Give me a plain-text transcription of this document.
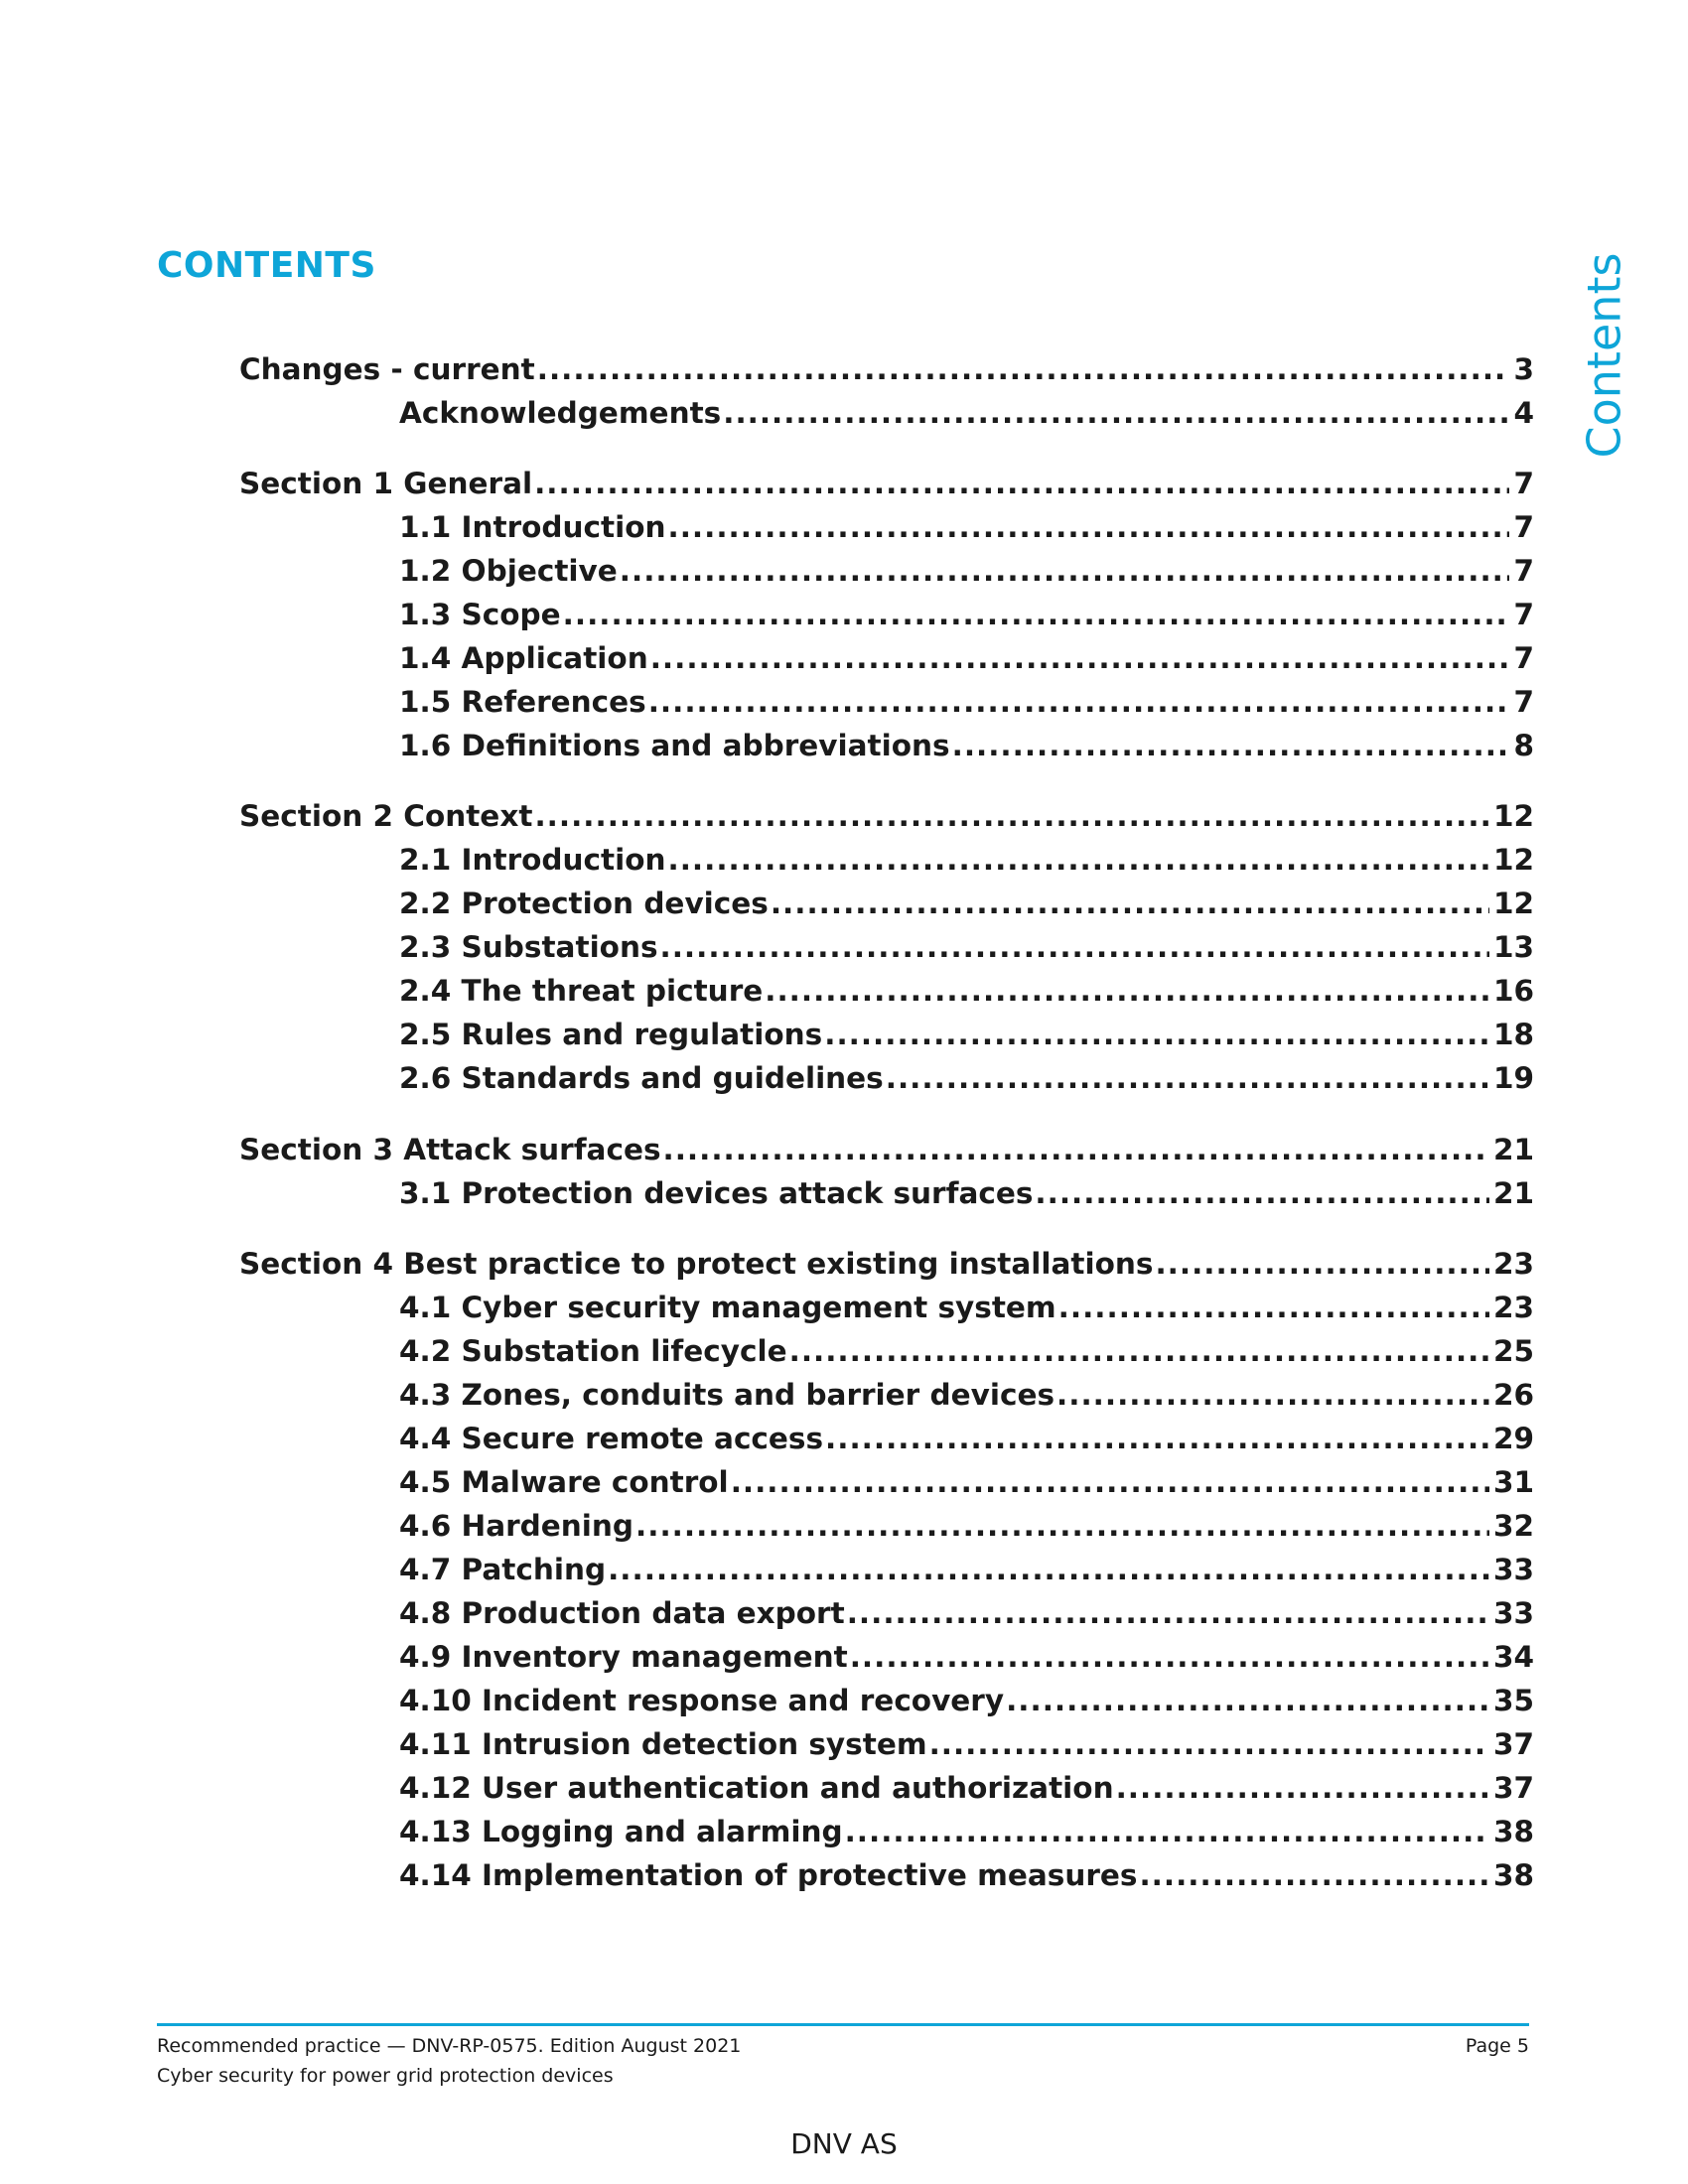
CONTENTS	Contents
Changes - current .....	3
Acknowledgements .....	4
Section 1 General .....	7
1.1 Introduction .....	7
1.2 Objective .....	7
1.3 Scope .....	7
1.4 Application .....	7
1.5 References .....	7
1.6 Definitions and abbreviations .....	8
Section 2 Context .....	12
2.1 Introduction .....	12
2.2 Protection devices .....	12
2.3 Substations .....	13
2.4 The threat picture .....	16
2.5 Rules and regulations .....	18
2.6 Standards and guidelines .....	19
Section 3 Attack surfaces .....	21
3.1 Protection devices attack surfaces .....	21
Section 4 Best practice to protect existing installations .....	23
4.1 Cyber security management system .....	23
4.2 Substation lifecycle .....	25
4.3 Zones, conduits and barrier devices .....	26
4.4 Secure remote access .....	29
4.5 Malware control .....	31
4.6 Hardening .....	32
4.7 Patching .....	33
4.8 Production data export .....	33
4.9 Inventory management .....	34
4.10 Incident response and recovery .....	35
4.11 Intrusion detection system .....	37
4.12 User authentication and authorization .....	37
4.13 Logging and alarming .....	38
4.14 Implementation of protective measures .....	38
Recommended practice — DNV-RP-0575. Edition August 2021
Cyber security for power grid protection devices
Page 5
DNV AS
